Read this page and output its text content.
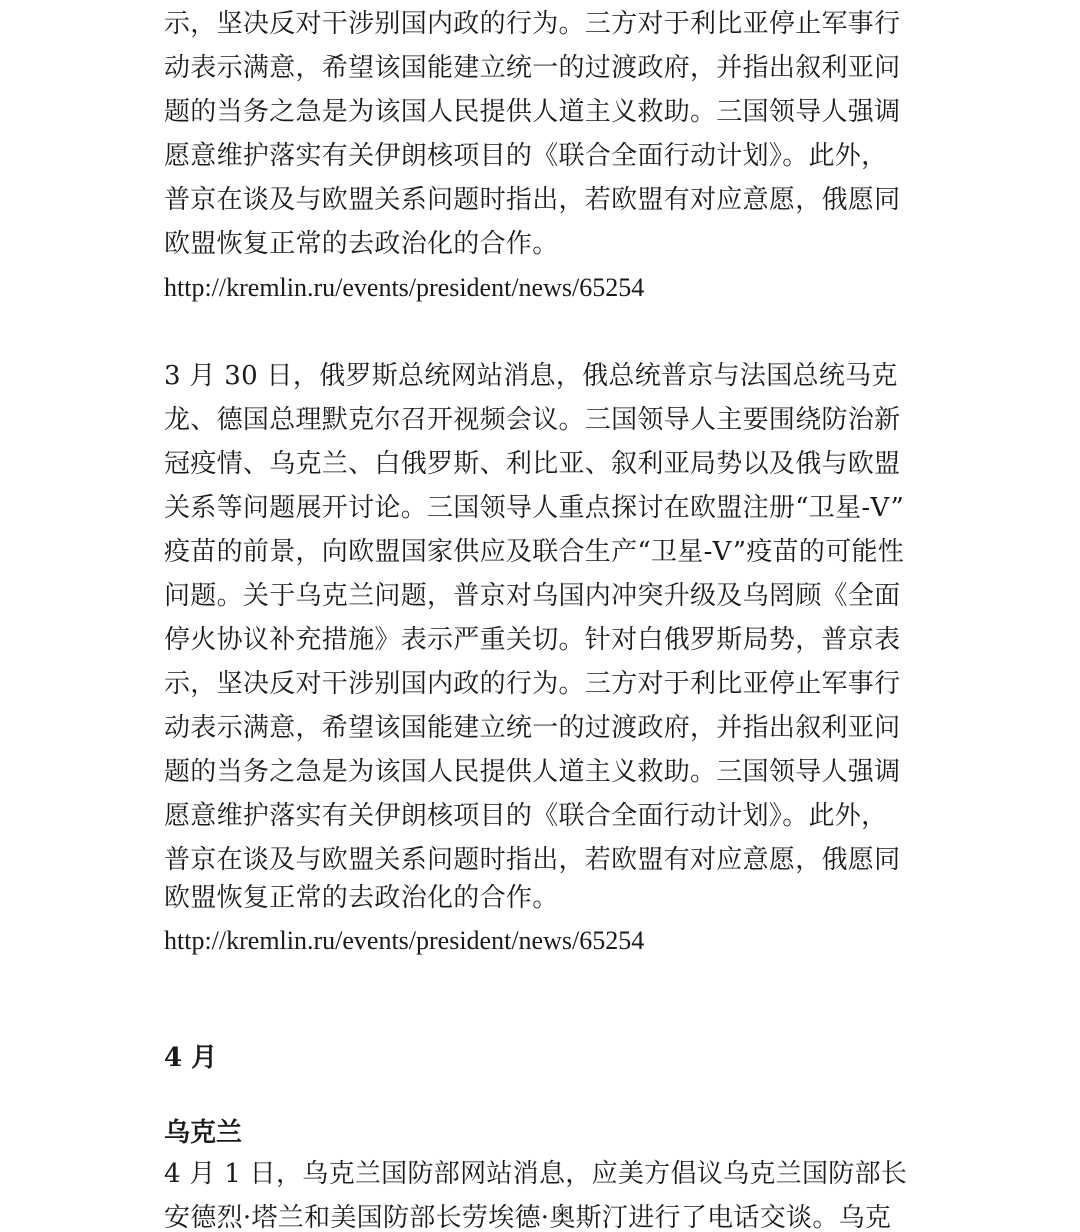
示，坚决反对干涉别国内政的行为。三方对于利比亚停止军事行
动表示满意，希望该国能建立统一的过渡政府，并指出叙利亚问
题的当务之急是为该国人民提供人道主义救助。三国领导人强调
愿意维护落实有关伊朗核项目的《联合全面行动计划》。此外，
普京在谈及与欧盟关系问题时指出，若欧盟有对应意愿，俄愿同
欧盟恢复正常的去政治化的合作。
http://kremlin.ru/events/president/news/65254
3 月 30 日，俄罗斯总统网站消息，俄总统普京与法国总统马克
龙、德国总理默克尔召开视频会议。三国领导人主要围绕防治新
冠疫情、乌克兰、白俄罗斯、利比亚、叙利亚局势以及俄与欧盟
关系等问题展开讨论。三国领导人重点探讨在欧盟注册“卫星-V”
疫苗的前景，向欧盟国家供应及联合生产“卫星-V”疫苗的可能性
问题。关于乌克兰问题，普京对乌国内冲突升级及乌罔顾《全面
停火协议补充措施》表示严重关切。针对白俄罗斯局势，普京表
示，坚决反对干涉别国内政的行为。三方对于利比亚停止军事行
动表示满意，希望该国能建立统一的过渡政府，并指出叙利亚问
题的当务之急是为该国人民提供人道主义救助。三国领导人强调
愿意维护落实有关伊朗核项目的《联合全面行动计划》。此外，
普京在谈及与欧盟关系问题时指出，若欧盟有对应意愿，俄愿同
欧盟恢复正常的去政治化的合作。
http://kremlin.ru/events/president/news/65254
4 月
乌克兰
4 月 1 日，乌克兰国防部网站消息，应美方倡议乌克兰国防部长
安德烈·塔兰和美国防部长劳埃德·奥斯汀进行了电话交谈。乌克
